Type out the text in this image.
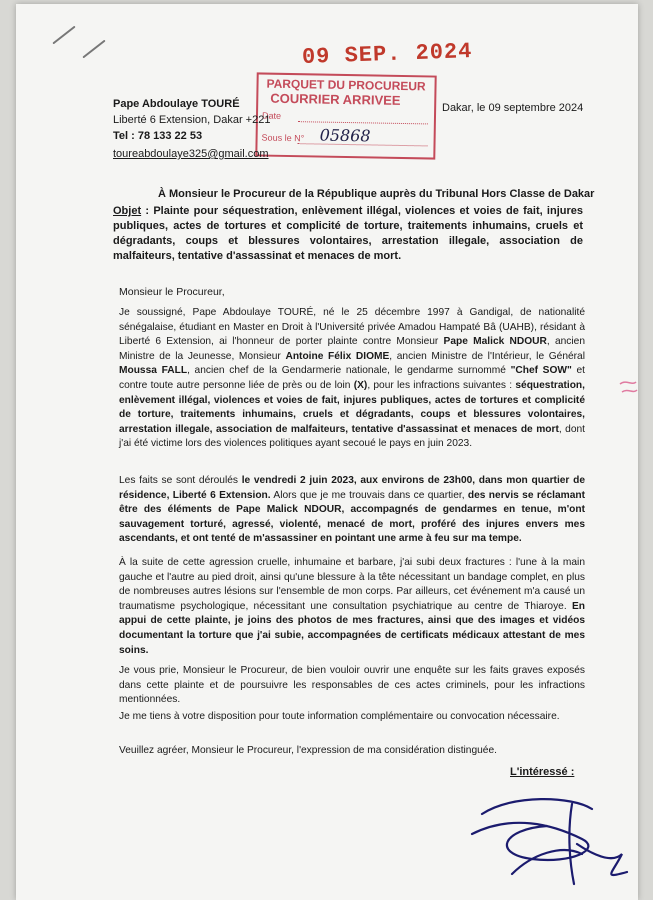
09 SEP. 2024
PARQUET DU PROCUREUR
COURRIER ARRIVEE
Date
Sous le N° 05868
Pape Abdoulaye TOURÉ
Liberté 6 Extension, Dakar +221
Tel : 78 133 22 53
toureabdoulaye325@gmail.com
Dakar, le 09 septembre 2024
À Monsieur le Procureur de la République auprès du Tribunal Hors Classe de Dakar
Objet : Plainte pour séquestration, enlèvement illégal, violences et voies de fait, injures publiques, actes de tortures et complicité de torture, traitements inhumains, cruels et dégradants, coups et blessures volontaires, arrestation illegale, association de malfaiteurs, tentative d'assassinat et menaces de mort.
Monsieur le Procureur,
Je soussigné, Pape Abdoulaye TOURÉ, né le 25 décembre 1997 à Gandigal, de nationalité sénégalaise, étudiant en Master en Droit à l'Université privée Amadou Hampaté Bâ (UAHB), résidant à Liberté 6 Extension, ai l'honneur de porter plainte contre Monsieur Pape Malick NDOUR, ancien Ministre de la Jeunesse, Monsieur Antoine Félix DIOME, ancien Ministre de l'Intérieur, le Général Moussa FALL, ancien chef de la Gendarmerie nationale, le gendarme surnommé "Chef SOW" et contre toute autre personne liée de près ou de loin (X), pour les infractions suivantes : séquestration, enlèvement illégal, violences et voies de fait, injures publiques, actes de tortures et complicité de torture, traitements inhumains, cruels et dégradants, coups et blessures volontaires, arrestation illegale, association de malfaiteurs, tentative d'assassinat et menaces de mort, dont j'ai été victime lors des violences politiques ayant secoué le pays en juin 2023.
Les faits se sont déroulés le vendredi 2 juin 2023, aux environs de 23h00, dans mon quartier de résidence, Liberté 6 Extension. Alors que je me trouvais dans ce quartier, des nervis se réclamant être des éléments de Pape Malick NDOUR, accompagnés de gendarmes en tenue, m'ont sauvagement torturé, agressé, violenté, menacé de mort, proféré des injures envers mes ascendants, et ont tenté de m'assassiner en pointant une arme à feu sur ma tempe.
À la suite de cette agression cruelle, inhumaine et barbare, j'ai subi deux fractures : l'une à la main gauche et l'autre au pied droit, ainsi qu'une blessure à la tête nécessitant un bandage complet, en plus de nombreuses autres lésions sur l'ensemble de mon corps. Par ailleurs, cet événement m'a causé un traumatisme psychologique, nécessitant une consultation psychiatrique au centre de Thiaroye. En appui de cette plainte, je joins des photos de mes fractures, ainsi que des images et vidéos documentant la torture que j'ai subie, accompagnées de certificats médicaux attestant de mes soins.
Je vous prie, Monsieur le Procureur, de bien vouloir ouvrir une enquête sur les faits graves exposés dans cette plainte et de poursuivre les responsables de ces actes criminels, pour les infractions mentionnées.
Je me tiens à votre disposition pour toute information complémentaire ou convocation nécessaire.
Veuillez agréer, Monsieur le Procureur, l'expression de ma considération distinguée.
L'intéressé :
